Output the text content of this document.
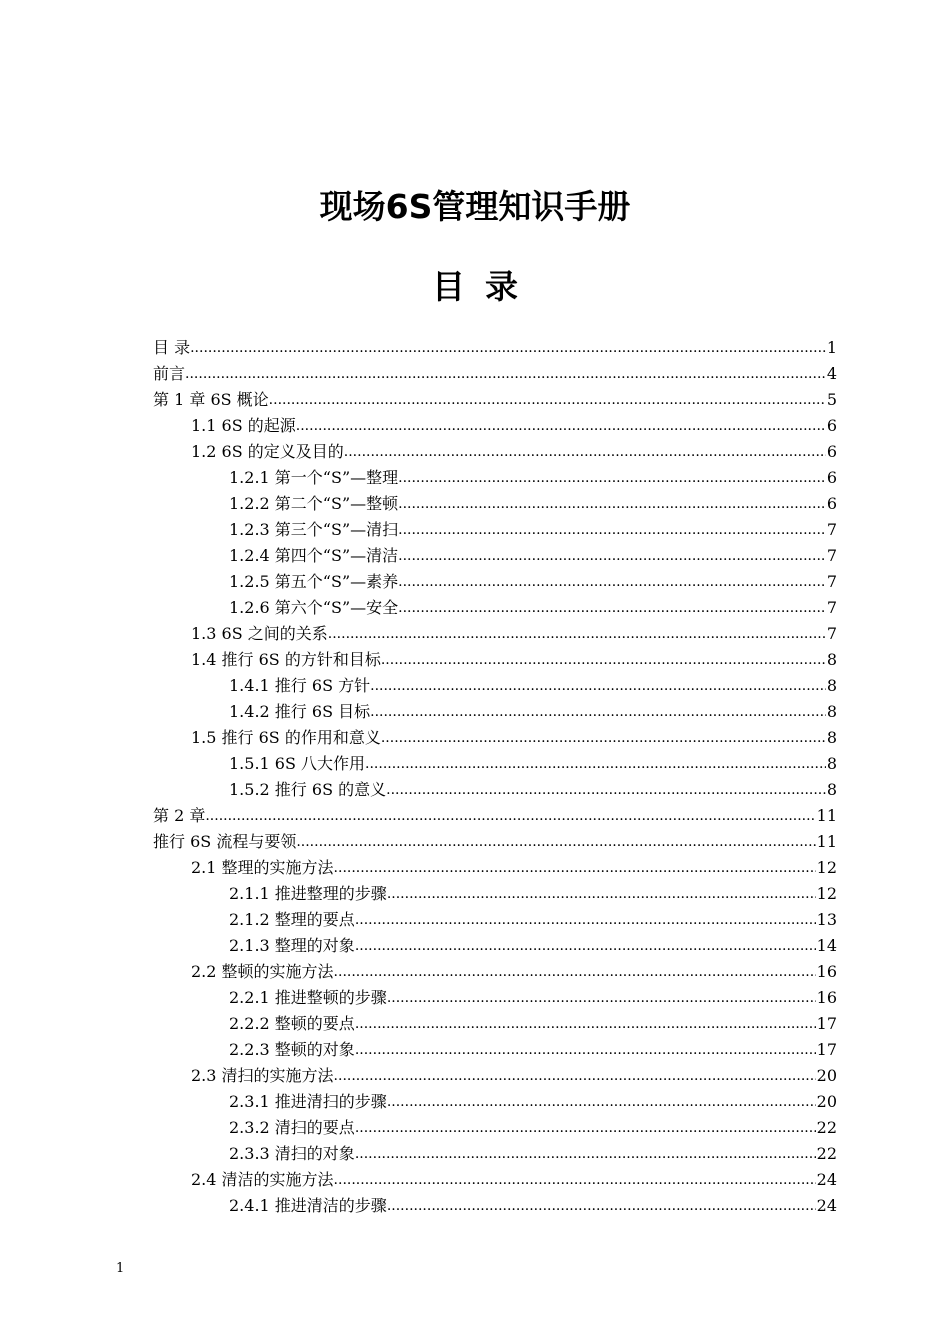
现场6S管理知识手册
目录
目 录 .....	1
前言 .....	4
第 1 章 6S 概论 .....	5
1.1 6S 的起源 .....	6
1.2 6S 的定义及目的 .....	6
1.2.1 第一个“S”—整理 .....	6
1.2.2 第二个“S”—整顿 .....	6
1.2.3 第三个“S”—清扫 .....	7
1.2.4 第四个“S”—清洁 .....	7
1.2.5 第五个“S”—素养 .....	7
1.2.6 第六个“S”—安全 .....	7
1.3 6S 之间的关系 .....	7
1.4 推行 6S 的方针和目标 .....	8
1.4.1 推行 6S 方针 .....	8
1.4.2 推行 6S 目标 .....	8
1.5 推行 6S 的作用和意义 .....	8
1.5.1 6S 八大作用 .....	8
1.5.2 推行 6S 的意义 .....	8
第 2 章 .....	11
推行 6S 流程与要领 .....	11
2.1 整理的实施方法 .....	12
2.1.1 推进整理的步骤 .....	12
2.1.2 整理的要点 .....	13
2.1.3 整理的对象 .....	14
2.2 整顿的实施方法 .....	16
2.2.1 推进整顿的步骤 .....	16
2.2.2 整顿的要点 .....	17
2.2.3 整顿的对象 .....	17
2.3 清扫的实施方法 .....	20
2.3.1 推进清扫的步骤 .....	20
2.3.2 清扫的要点 .....	22
2.3.3 清扫的对象 .....	22
2.4 清洁的实施方法 .....	24
2.4.1 推进清洁的步骤 .....	24
1
